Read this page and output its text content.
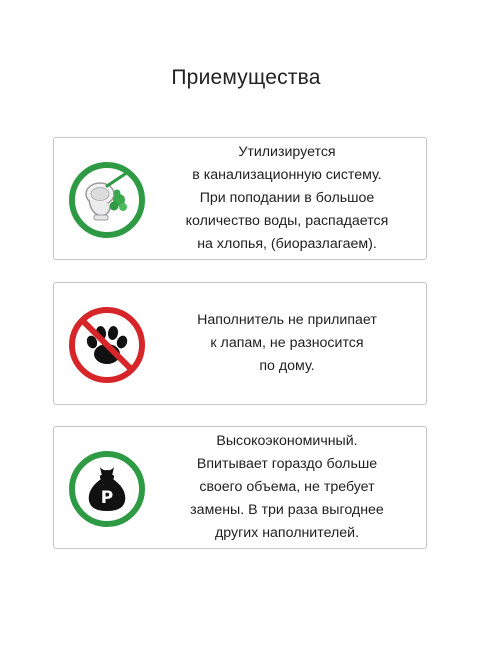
Приемущества
Утилизируется
в канализационную систему.
При поподании в большое
количество воды, распадается
на хлопья, (биоразлагаем).
Наполнитель не прилипает
к лапам, не разносится
по дому.
P
Высокоэкономичный.
Впитывает гораздо больше
своего объема, не требует
замены. В три раза выгоднее
других наполнителей.
